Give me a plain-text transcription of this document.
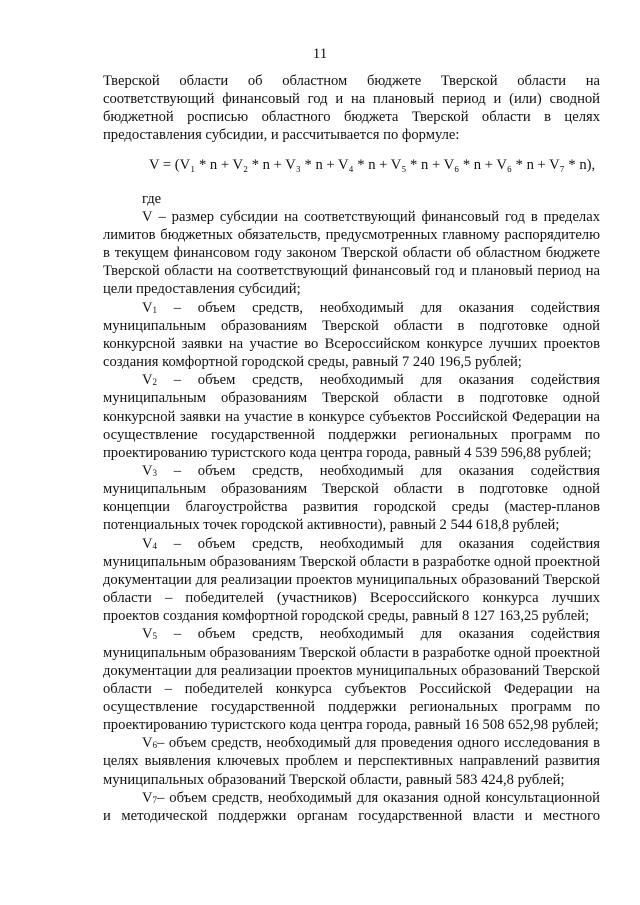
11

Тверской области об областном бюджете Тверской области на соответствующий финансовый год и на плановый период и (или) сводной бюджетной росписью областного бюджета Тверской области в целях предоставления субсидии, и рассчитывается по формуле:

V = (V₁ * n + V₂ * n + V₃ * n + V₄ * n + V₅ * n + V₆ * n + V₆ * n + V₇ * n),

где

V – размер субсидии на соответствующий финансовый год в пределах лимитов бюджетных обязательств, предусмотренных главному распорядителю в текущем финансовом году законом Тверской области об областном бюджете Тверской области на соответствующий финансовый год и плановый период на цели предоставления субсидий;

$V_1$ – объем средств, необходимый для оказания содействия муниципальным образованиям Тверской области в подготовке одной конкурсной заявки на участие во Всероссийском конкурсе лучших проектов создания комфортной городской среды, равный 7 240 196,5 рублей;

$V_2$ – объем средств, необходимый для оказания содействия муниципальным образованиям Тверской области в подготовке одной конкурсной заявки на участие в конкурсе субъектов Российской Федерации на осуществление государственной поддержки региональных программ по проектированию туристского кода центра города, равный 4 539 596,88 рублей;

$V_3$ – объем средств, необходимый для оказания содействия муниципальным образованиям Тверской области в подготовке одной концепции благоустройства развития городской среды (мастер-планов потенциальных точек городской активности), равный 2 544 618,8 рублей;

$V_4$ – объем средств, необходимый для оказания содействия муниципальным образованиям Тверской области в разработке одной проектной документации для реализации проектов муниципальных образований Тверской области – победителей (участников) Всероссийского конкурса лучших проектов создания комфортной городской среды, равный 8 127 163,25 рублей;

$V_5$ – объем средств, необходимый для оказания содействия муниципальным образованиям Тверской области в разработке одной проектной документации для реализации проектов муниципальных образований Тверской области – победителей конкурса субъектов Российской Федерации на осуществление государственной поддержки региональных программ по проектированию туристского кода центра города, равный 16 508 652,98 рублей;

$V_6-$ объем средств, необходимый для проведения одного исследования в целях выявления ключевых проблем и перспективных направлений развития муниципальных образований Тверской области, равный 583 424,8 рублей;

$V_7-$ объем средств, необходимый для оказания одной консультационной и методической поддержки органам государственной власти и местного
